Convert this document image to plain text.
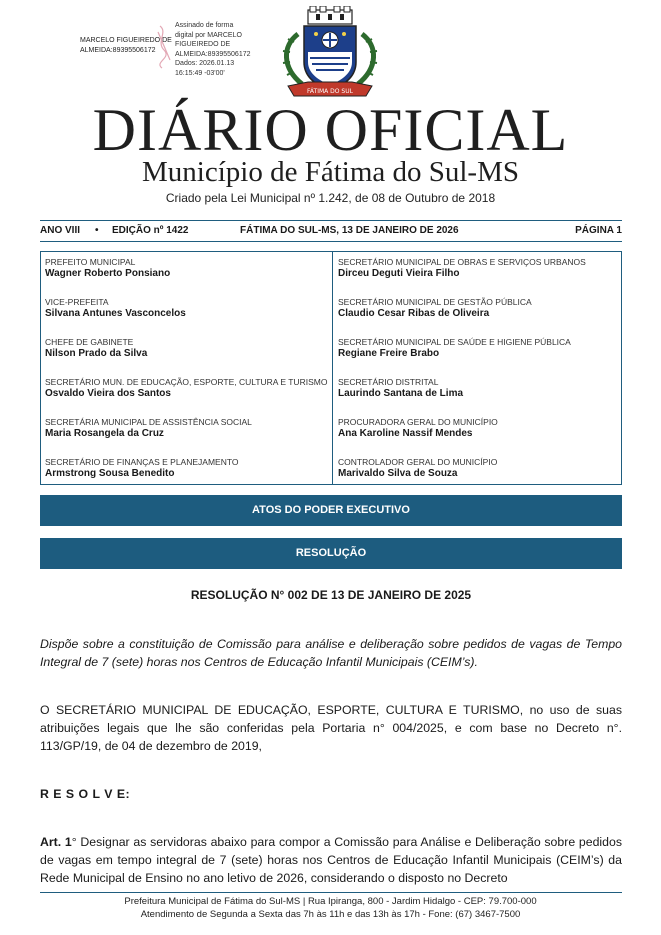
MARCELO FIGUEIREDO DE ALMEIDA:89395506172
Assinado de forma
digital por MARCELO
FIGUEIREDO DE
ALMEIDA:89395506172
Dados: 2026.01.13
16:15:49 -03'00'
FÁTIMA DO SUL
DIÁRIO OFICIAL
Município de Fátima do Sul-MS
Criado pela Lei Municipal nº 1.242, de 08 de Outubro de 2018
ANO VIII • EDIÇÃO nº 1422	FÁTIMA DO SUL-MS, 13 DE JANEIRO DE 2026	PÁGINA 1
PREFEITO MUNICIPAL
Wagner Roberto Ponsiano
VICE-PREFEITA
Silvana Antunes Vasconcelos
CHEFE DE GABINETE
Nilson Prado da Silva
SECRETÁRIO MUN. DE EDUCAÇÃO, ESPORTE, CULTURA E TURISMO
Osvaldo Vieira dos Santos
SECRETÁRIA MUNICIPAL DE ASSISTÊNCIA SOCIAL
Maria Rosangela da Cruz
SECRETÁRIO DE FINANÇAS E PLANEJAMENTO
Armstrong Sousa Benedito
SECRETÁRIO MUNICIPAL DE OBRAS E SERVIÇOS URBANOS
Dirceu Deguti Vieira Filho
SECRETÁRIO MUNICIPAL DE GESTÃO PÚBLICA
Claudio Cesar Ribas de Oliveira
SECRETÁRIO MUNICIPAL DE SAÚDE E HIGIENE PÚBLICA
Regiane Freire Brabo
SECRETÁRIO DISTRITAL
Laurindo Santana de Lima
PROCURADORA GERAL DO MUNICÍPIO
Ana Karoline Nassif Mendes
CONTROLADOR GERAL DO MUNICÍPIO
Marivaldo Silva de Souza
ATOS DO PODER EXECUTIVO
RESOLUÇÃO
RESOLUÇÃO N° 002 DE 13 DE JANEIRO DE 2025
Dispõe sobre a constituição de Comissão para análise e deliberação sobre pedidos de vagas de Tempo Integral de 7 (sete) horas nos Centros de Educação Infantil Municipais (CEIM’s).
O SECRETÁRIO MUNICIPAL DE EDUCAÇÃO, ESPORTE, CULTURA E TURISMO, no uso de suas atribuições legais que lhe são conferidas pela Portaria n° 004/2025, e com base no Decreto n°. 113/GP/19, de 04 de dezembro de 2019,
R E S O L V E:
Art. 1° Designar as servidoras abaixo para compor a Comissão para Análise e Deliberação sobre pedidos de vagas em tempo integral de 7 (sete) horas nos Centros de Educação Infantil Municipais (CEIM’s) da Rede Municipal de Ensino no ano letivo de 2026, considerando o disposto no Decreto
Prefeitura Municipal de Fátima do Sul-MS | Rua Ipiranga, 800 - Jardim Hidalgo - CEP: 79.700-000
Atendimento de Segunda a Sexta das 7h às 11h e das 13h às 17h - Fone: (67) 3467-7500
